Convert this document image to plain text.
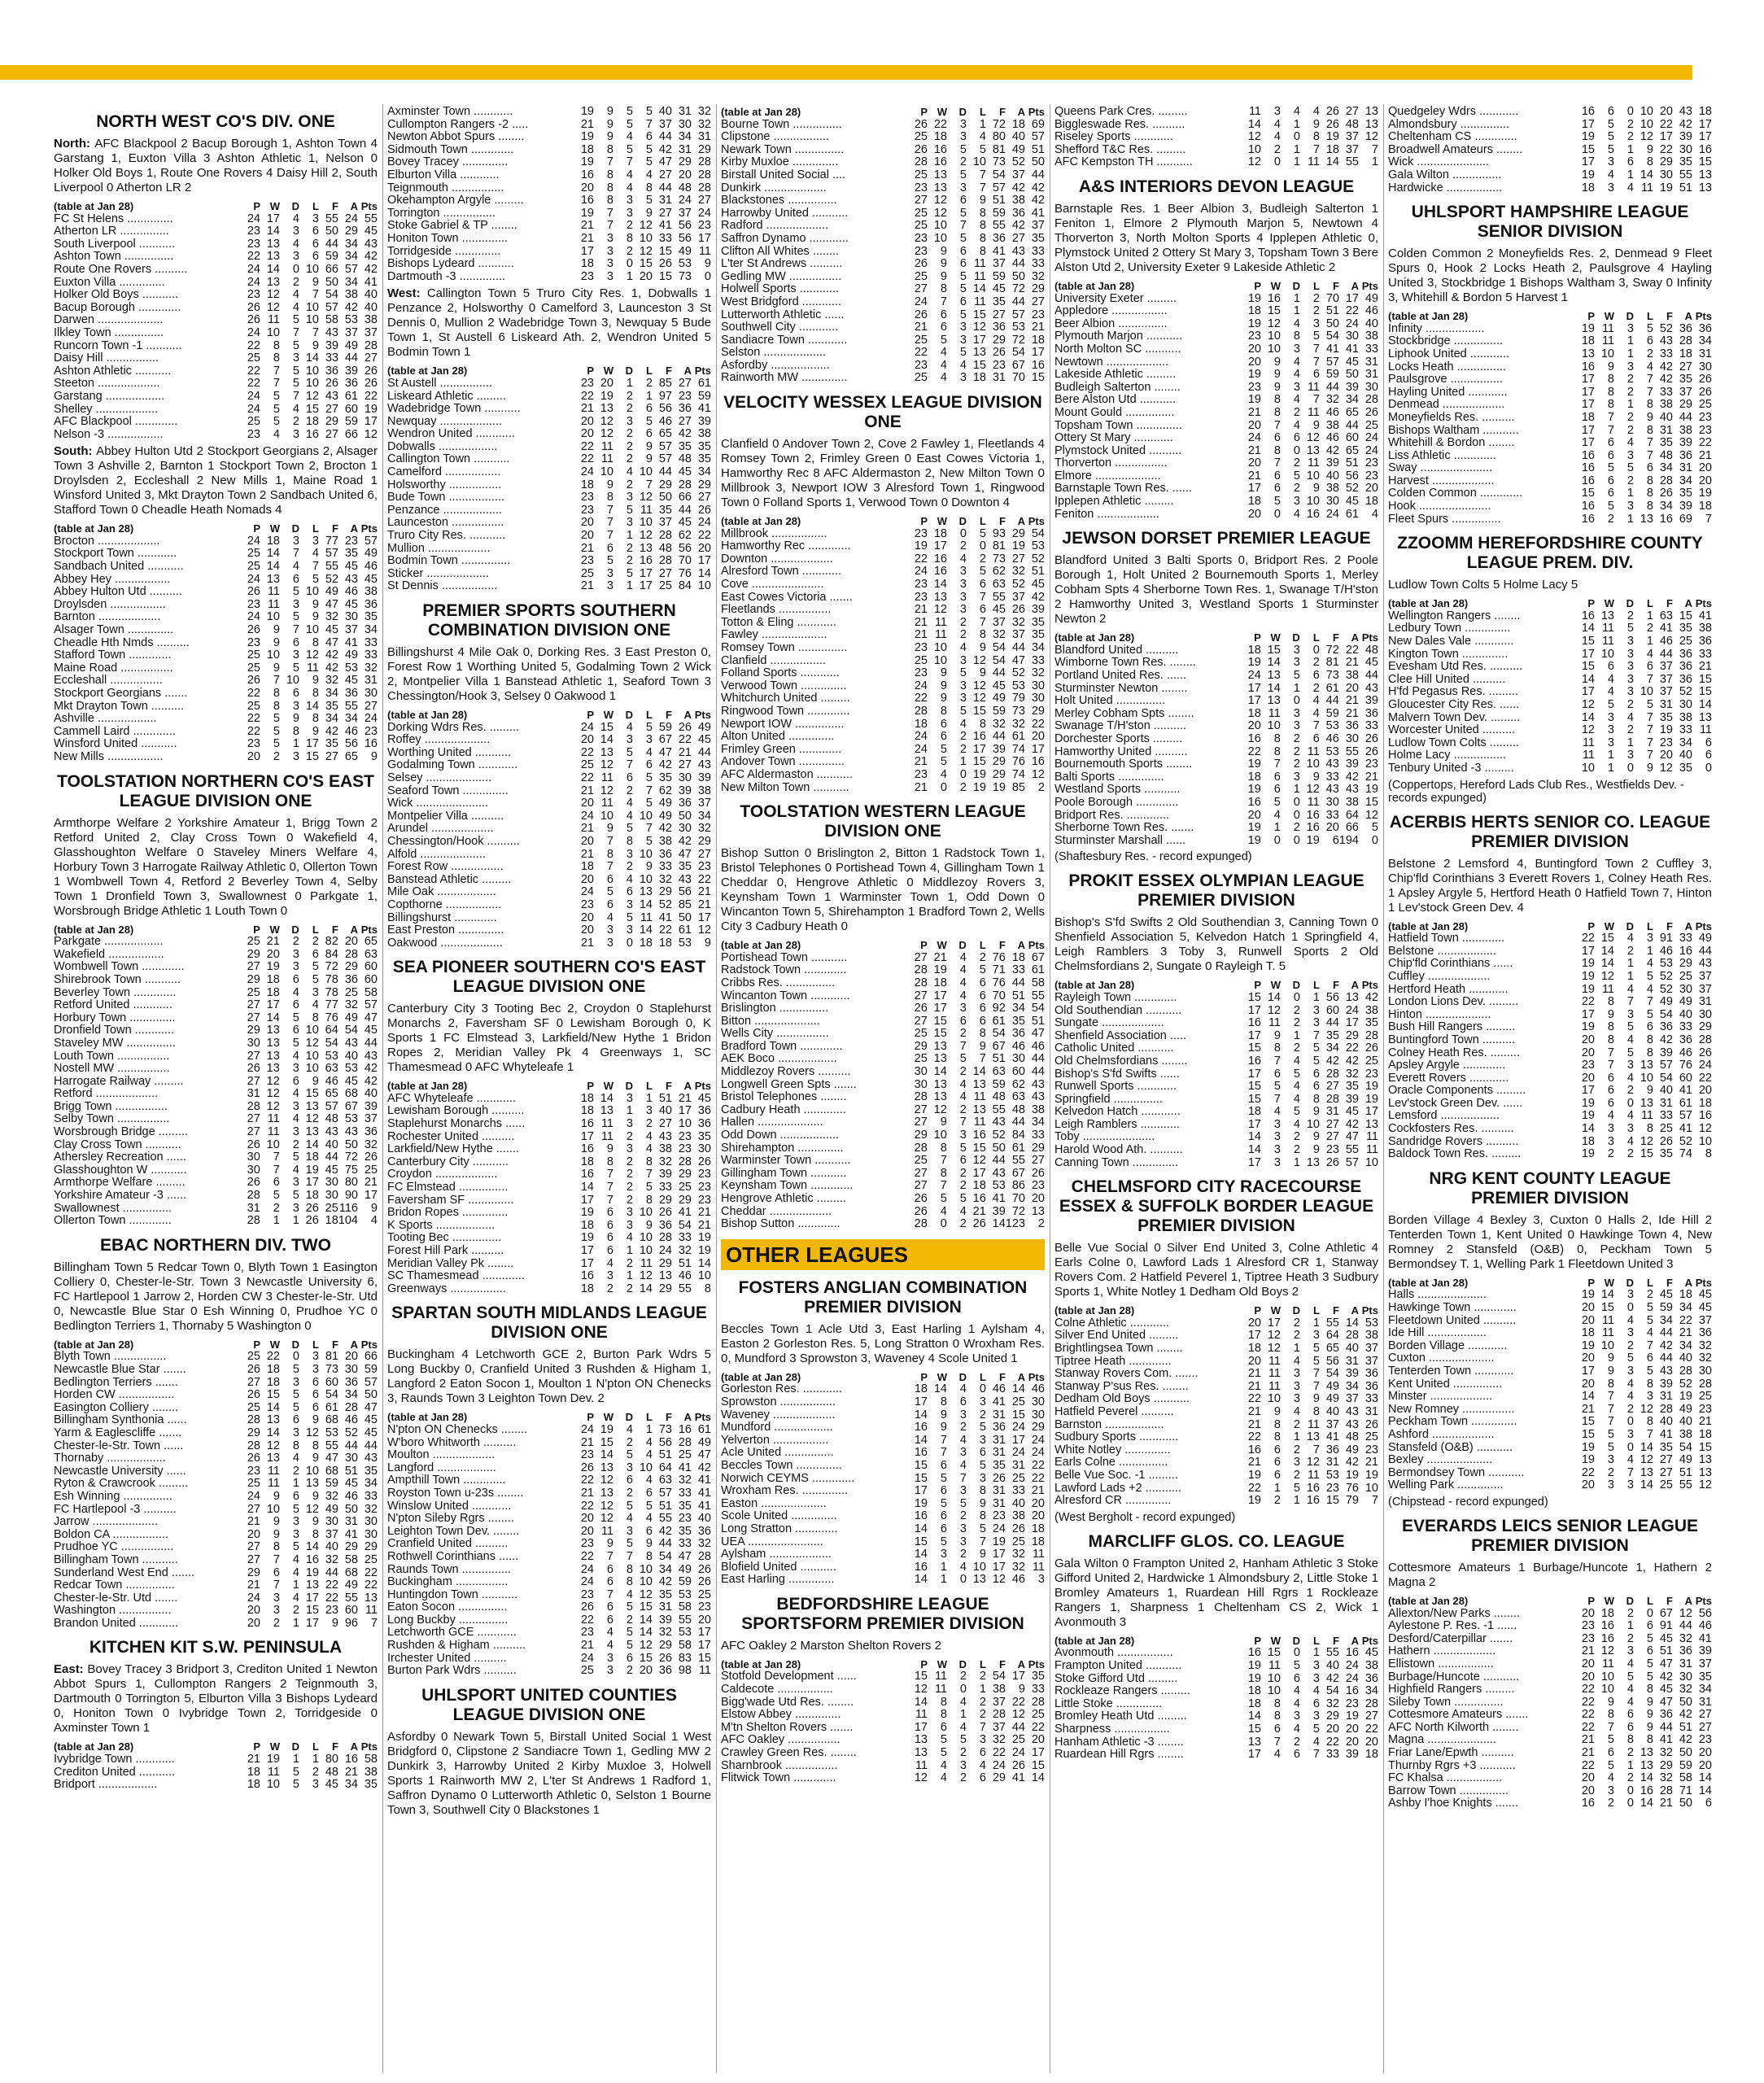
NORTH WEST CO'S DIV. ONE

North: AFC Blackpool 2 Bacup Borough 1, Ashton Town 4 Garstang 1, Euxton Villa 3 Ashton Athletic 1, Nelson 0 Holker Old Boys 1, Route One Rovers 4 Daisy Hill 2, South Liverpool 0 Atherton LR 2

(table at Jan 28)	P	W	D	L	F	A	Pts
FC St Helens ..............	24	17	4	3	55	24	55
Atherton LR ...............	23	14	3	6	50	29	45
South Liverpool ...........	23	13	4	6	44	34	43
Ashton Town ...............	22	13	3	6	59	34	42
Route One Rovers ..........	24	14	0	10	66	57	42
Euxton Villa ..............	24	13	2	9	50	34	41
Holker Old Boys ...........	23	12	4	7	54	38	40
Bacup Borough .............	26	12	4	10	57	42	40
Darwen ....................	26	11	5	10	58	53	38
Ilkley Town ...............	24	10	7	7	43	37	37
Runcorn Town -1 ...........	22	8	5	9	39	49	28
Daisy Hill ................	25	8	3	14	33	44	27
Ashton Athletic ...........	22	7	5	10	36	39	26
Steeton ...................	22	7	5	10	26	36	26
Garstang ..................	24	5	7	12	43	61	22
Shelley ...................	24	5	4	15	27	60	19
AFC Blackpool .............	25	5	2	18	29	59	17
Nelson -3 .................	23	4	3	16	27	66	12

South: Abbey Hulton Utd 2 Stockport Georgians 2, Alsager Town 3 Ashville 2, Barnton 1 Stockport Town 2, Brocton 1 Droylsden 2, Eccleshall 2 New Mills 1, Maine Road 1 Winsford United 3, Mkt Drayton Town 2 Sandbach United 6, Stafford Town 0 Cheadle Heath Nomads 4

(table at Jan 28)	P	W	D	L	F	A	Pts
Brocton ...................	24	18	3	3	77	23	57
Stockport Town ............	25	14	7	4	57	35	49
Sandbach United ...........	25	14	4	7	55	45	46
Abbey Hey .................	24	13	6	5	52	43	45
Abbey Hulton Utd ..........	26	11	5	10	49	46	38
Droylsden .................	23	11	3	9	47	45	36
Barnton ...................	24	10	5	9	32	30	35
Alsager Town ..............	26	9	7	10	45	37	34
Cheadle Hth Nmds ..........	23	9	6	8	47	41	33
Stafford Town .............	25	10	3	12	42	49	33
Maine Road ................	25	9	5	11	42	53	32
Eccleshall ................	26	7	10	9	32	45	31
Stockport Georgians .......	22	8	6	8	34	36	30
Mkt Drayton Town ..........	25	8	3	14	35	55	27
Ashville ..................	22	5	9	8	34	34	24
Cammell Laird .............	22	5	8	9	42	46	23
Winsford United ...........	23	5	1	17	35	56	16
New Mills .................	20	2	3	15	27	65	9
TOOLSTATION NORTHERN CO'S EAST LEAGUE DIVISION ONE

Armthorpe Welfare 2 Yorkshire Amateur 1, Brigg Town 2 Retford United 2, Clay Cross Town 0 Wakefield 4, Glasshoughton Welfare 0 Staveley Miners Welfare 4, Horbury Town 3 Harrogate Railway Athletic 0, Ollerton Town 1 Wombwell Town 4, Retford 2 Beverley Town 4, Selby Town 1 Dronfield Town 3, Swallownest 0 Parkgate 1, Worsbrough Bridge Athletic 1 Louth Town 0

(table at Jan 28)	P	W	D	L	F	A	Pts
Parkgate ..................	25	21	2	2	82	20	65
Wakefield .................	29	20	3	6	84	28	63
Wombwell Town .............	27	19	3	5	72	29	60
Shirebrook Town ...........	29	18	6	5	78	36	60
Beverley Town .............	25	18	4	3	78	25	58
Retford United ............	27	17	6	4	77	32	57
Horbury Town ..............	27	14	5	8	76	49	47
Dronfield Town ............	29	13	6	10	64	54	45
Staveley MW ...............	30	13	5	12	54	43	44
Louth Town ................	27	13	4	10	53	40	43
Nostell MW ................	26	13	3	10	63	53	42
Harrogate Railway .........	27	12	6	9	46	45	42
Retford ...................	31	12	4	15	65	68	40
Brigg Town ................	28	12	3	13	57	67	39
Selby Town ................	27	11	4	12	48	53	37
Worsbrough Bridge .........	27	11	3	13	43	43	36
Clay Cross Town ...........	26	10	2	14	40	50	32
Athersley Recreation ......	30	7	5	18	44	72	26
Glasshoughton W ...........	30	7	4	19	45	75	25
Armthorpe Welfare .........	26	6	3	17	30	80	21
Yorkshire Amateur -3 ......	28	5	5	18	30	90	17
Swallownest ...............	31	2	3	26	25	116	9
Ollerton Town .............	28	1	1	26	18	104	4
EBAC NORTHERN DIV. TWO

Billingham Town 5 Redcar Town 0, Blyth Town 1 Easington Colliery 0, Chester-le-Str. Town 3 Newcastle University 6, FC Hartlepool 1 Jarrow 2, Horden CW 3 Chester-le-Str. Utd 0, Newcastle Blue Star 0 Esh Winning 0, Prudhoe YC 0 Bedlington Terriers 1, Thornaby 5 Washington 0

(table at Jan 28)	P	W	D	L	F	A	Pts
Blyth Town ................	25	22	0	3	81	20	66
Newcastle Blue Star .......	26	18	5	3	73	30	59
Bedlington Terriers .......	27	18	3	6	60	36	57
Horden CW .................	26	15	5	6	54	34	50
Easington Colliery ........	25	14	5	6	61	28	47
Billingham Synthonia ......	28	13	6	9	68	46	45
Yarm & Eaglescliffe .......	29	14	3	12	53	52	45
Chester-le-Str. Town ......	28	12	8	8	55	44	44
Thornaby ..................	26	13	4	9	47	30	43
Newcastle University ......	23	11	2	10	68	51	35
Ryton & Crawcrook .........	25	11	1	13	59	45	34
Esh Winning ...............	24	9	6	9	32	46	33
FC Hartlepool -3 ..........	27	10	5	12	49	50	32
Jarrow ....................	21	9	3	9	30	31	30
Boldon CA .................	20	9	3	8	37	41	30
Prudhoe YC ................	27	8	5	14	40	29	29
Billingham Town ...........	27	7	4	16	32	58	25
Sunderland West End .......	29	6	4	19	44	68	22
Redcar Town ...............	21	7	1	13	22	49	22
Chester-le-Str. Utd .......	24	3	4	17	22	55	13
Washington ................	20	3	2	15	23	60	11
Brandon United ............	20	2	1	17	9	96	7
KITCHEN KIT S.W. PENINSULA

East: Bovey Tracey 3 Bridport 3, Crediton United 1 Newton Abbot Spurs 1, Cullompton Rangers 2 Teignmouth 3, Dartmouth 0 Torrington 5, Elburton Villa 3 Bishops Lydeard 0, Honiton Town 0 Ivybridge Town 2, Torridgeside 0 Axminster Town 1

(table at Jan 28)	P	W	D	L	F	A	Pts
Ivybridge Town ............	21	19	1	1	80	16	58
Crediton United ...........	18	11	5	2	48	21	38
Bridport ..................	18	10	5	3	45	34	35
Axminster Town ............	19	9	5	5	40	31	32
Cullompton Rangers -2 .....	21	9	5	7	37	30	32
Newton Abbot Spurs ........	19	9	4	6	44	34	31
Sidmouth Town .............	18	8	5	5	42	31	29
Bovey Tracey ..............	19	7	7	5	47	29	28
Elburton Villa ............	16	8	4	4	27	20	28
Teignmouth ................	20	8	4	8	44	48	28
Okehampton Argyle .........	16	8	3	5	31	24	27
Torrington ................	19	7	3	9	27	37	24
Stoke Gabriel & TP ........	21	7	2	12	41	56	23
Honiton Town ..............	21	3	8	10	33	56	17
Torridgeside ..............	17	3	2	12	15	49	11
Bishops Lydeard ...........	18	3	0	15	26	53	9
Dartmouth -3 ..............	23	3	1	20	15	73	0

West: Callington Town 5 Truro City Res. 1, Dobwalls 1 Penzance 2, Holsworthy 0 Camelford 3, Launceston 3 St Dennis 0, Mullion 2 Wadebridge Town 3, Newquay 5 Bude Town 1, St Austell 6 Liskeard Ath. 2, Wendron United 5 Bodmin Town 1

(table at Jan 28)	P	W	D	L	F	A	Pts
St Austell ................	23	20	1	2	85	27	61
Liskeard Athletic .........	22	19	2	1	97	23	59
Wadebridge Town ...........	21	13	2	6	56	36	41
Newquay ...................	20	12	3	5	46	27	39
Wendron United ............	20	12	2	6	65	42	38
Dobwalls ..................	22	11	2	9	57	35	35
Callington Town ...........	22	11	2	9	57	48	35
Camelford .................	24	10	4	10	44	45	34
Holsworthy ................	18	9	2	7	29	28	29
Bude Town .................	23	8	3	12	50	66	27
Penzance ..................	23	7	5	11	35	44	26
Launceston ................	20	7	3	10	37	45	24
Truro City Res. ...........	20	7	1	12	28	62	22
Mullion ...................	21	6	2	13	48	56	20
Bodmin Town ...............	23	5	2	16	28	70	17
Sticker ...................	25	3	5	17	27	76	14
St Dennis .................	21	3	1	17	25	84	10
PREMIER SPORTS SOUTHERN COMBINATION DIVISION ONE

Billingshurst 4 Mile Oak 0, Dorking Res. 3 East Preston 0, Forest Row 1 Worthing United 5, Godalming Town 2 Wick 2, Montpelier Villa 1 Banstead Athletic 1, Seaford Town 3 Chessington/Hook 3, Selsey 0 Oakwood 1

(table at Jan 28)	P	W	D	L	F	A	Pts
Dorking Wdrs Res. .........	24	15	4	5	59	26	49
Roffey ....................	20	14	3	3	67	22	45
Worthing United ...........	22	13	5	4	47	21	44
Godalming Town ............	25	12	7	6	42	27	43
Selsey ....................	22	11	6	5	35	30	39
Seaford Town ..............	21	12	2	7	62	39	38
Wick ......................	20	11	4	5	49	36	37
Montpelier Villa ..........	24	10	4	10	49	50	34
Arundel ...................	21	9	5	7	42	30	32
Chessington/Hook ..........	20	7	8	5	38	42	29
Alfold ....................	21	8	3	10	36	47	27
Forest Row ................	18	7	2	9	33	35	23
Banstead Athletic .........	20	6	4	10	32	43	22
Mile Oak ..................	24	5	6	13	29	56	21
Copthorne .................	23	6	3	14	52	85	21
Billingshurst .............	20	4	5	11	41	50	17
East Preston ..............	20	3	3	14	22	61	12
Oakwood ...................	21	3	0	18	18	53	9
SEA PIONEER SOUTHERN CO'S EAST LEAGUE DIVISION ONE

Canterbury City 3 Tooting Bec 2, Croydon 0 Staplehurst Monarchs 2, Faversham SF 0 Lewisham Borough 0, K Sports 1 FC Elmstead 3, Larkfield/New Hythe 1 Bridon Ropes 2, Meridian Valley Pk 4 Greenways 1, SC Thamesmead 0 AFC Whyteleafe 1

(table at Jan 28)	P	W	D	L	F	A	Pts
AFC Whyteleafe ............	18	14	3	1	51	21	45
Lewisham Borough ..........	18	13	1	3	40	17	36
Staplehurst Monarchs ......	16	11	3	2	27	10	36
Rochester United ..........	17	11	2	4	43	23	35
Larkfield/New Hythe .......	16	9	3	4	38	23	30
Canterbury City ...........	18	8	2	8	32	28	26
Croydon ...................	16	7	2	7	39	29	23
FC Elmstead ...............	14	7	2	5	33	25	23
Faversham SF ..............	17	7	2	8	29	29	23
Bridon Ropes ..............	19	6	3	10	26	41	21
K Sports ..................	18	6	3	9	36	54	21
Tooting Bec ...............	19	6	4	10	28	33	19
Forest Hill Park ..........	17	6	1	10	24	32	19
Meridian Valley Pk ........	17	4	2	11	29	51	14
SC Thamesmead .............	16	3	1	12	13	46	10
Greenways .................	18	2	2	14	29	55	8
SPARTAN SOUTH MIDLANDS LEAGUE DIVISION ONE

Buckingham 4 Letchworth GCE 2, Burton Park Wdrs 5 Long Buckby 0, Cranfield United 3 Rushden & Higham 1, Langford 2 Eaton Socon 1, Moulton 1 N'pton ON Chenecks 3, Raunds Town 3 Leighton Town Dev. 2

(table at Jan 28)	P	W	D	L	F	A	Pts
N'pton ON Chenecks ........	24	19	4	1	73	16	61
W'boro Whitworth ..........	21	15	2	4	56	28	49
Moulton ...................	23	14	5	4	51	25	47
Langford ..................	26	13	3	10	64	41	42
Ampthill Town .............	22	12	6	4	63	32	41
Royston Town u-23s ........	21	13	2	6	57	33	41
Winslow United ............	22	12	5	5	51	35	41
N'pton Sileby Rgrs ........	20	12	4	4	55	23	40
Leighton Town Dev. ........	20	11	3	6	42	35	36
Cranfield United ..........	23	9	5	9	44	33	32
Rothwell Corinthians ......	22	7	7	8	54	47	28
Raunds Town ...............	24	6	8	10	34	49	26
Buckingham ................	24	6	8	10	42	59	26
Huntingdon Town ...........	23	7	4	12	35	53	25
Eaton Socon ...............	26	6	5	15	31	58	23
Long Buckby ...............	22	6	2	14	39	55	20
Letchworth GCE ............	23	4	5	14	32	53	17
Rushden & Higham ..........	21	4	5	12	29	58	17
Irchester United ..........	24	3	6	15	26	83	15
Burton Park Wdrs ..........	25	3	2	20	36	98	11
UHLSPORT UNITED COUNTIES LEAGUE DIVISION ONE

Asfordby 0 Newark Town 5, Birstall United Social 1 West Bridgford 0, Clipstone 2 Sandiacre Town 1, Gedling MW 2 Dunkirk 3, Harrowby United 2 Kirby Muxloe 3, Holwell Sports 1 Rainworth MW 2, L'ter St Andrews 1 Radford 1, Saffron Dynamo 0 Lutterworth Athletic 0, Selston 1 Bourne Town 3, Southwell City 0 Blackstones 1

(table at Jan 28)	P	W	D	L	F	A	Pts
Bourne Town ...............	26	22	3	1	72	18	69
Clipstone .................	25	18	3	4	80	40	57
Newark Town ...............	26	16	5	5	81	49	51
Kirby Muxloe ..............	28	16	2	10	73	52	50
Birstall United Social ....	25	13	5	7	54	37	44
Dunkirk ...................	23	13	3	7	57	42	42
Blackstones ...............	27	12	6	9	51	38	42
Harrowby United ...........	25	12	5	8	59	36	41
Radford ...................	25	10	7	8	55	42	37
Saffron Dynamo ............	23	10	5	8	36	27	35
Clifton All Whites ........	23	9	6	8	41	43	33
L'ter St Andrews ..........	26	9	6	11	37	44	33
Gedling MW ................	25	9	5	11	59	50	32
Holwell Sports ............	27	8	5	14	45	72	29
West Bridgford ............	24	7	6	11	35	44	27
Lutterworth Athletic ......	26	6	5	15	27	57	23
Southwell City ............	21	6	3	12	36	53	21
Sandiacre Town ............	25	5	3	17	29	72	18
Selston ...................	22	4	5	13	26	54	17
Asfordby ..................	23	4	4	15	23	67	16
Rainworth MW ..............	25	4	3	18	31	70	15
VELOCITY WESSEX LEAGUE DIVISION ONE

Clanfield 0 Andover Town 2, Cove 2 Fawley 1, Fleetlands 4 Romsey Town 2, Frimley Green 0 East Cowes Victoria 1, Hamworthy Rec 8 AFC Aldermaston 2, New Milton Town 0 Millbrook 3, Newport IOW 3 Alresford Town 1, Ringwood Town 0 Folland Sports 1, Verwood Town 0 Downton 4

(table at Jan 28)	P	W	D	L	F	A	Pts
Millbrook .................	23	18	0	5	93	29	54
Hamworthy Rec .............	19	17	2	0	81	19	53
Downton ...................	22	16	4	2	73	27	52
Alresford Town ............	24	16	3	5	62	32	51
Cove ......................	23	14	3	6	63	52	45
East Cowes Victoria .......	23	13	3	7	55	37	42
Fleetlands ................	21	12	3	6	45	26	39
Totton & Eling ............	21	11	2	7	37	32	35
Fawley ....................	21	11	2	8	32	37	35
Romsey Town ...............	23	10	4	9	54	44	34
Clanfield .................	25	10	3	12	54	47	33
Folland Sports ............	23	9	5	9	44	52	32
Verwood Town ..............	24	9	3	12	45	53	30
Whitchurch United .........	22	9	3	12	49	79	30
Ringwood Town .............	28	8	5	15	59	73	29
Newport IOW ...............	18	6	4	8	32	32	22
Alton United ..............	24	6	2	16	44	61	20
Frimley Green .............	24	5	2	17	39	74	17
Andover Town ..............	21	5	1	15	29	76	16
AFC Aldermaston ...........	23	4	0	19	29	74	12
New Milton Town ...........	21	0	2	19	19	85	2
TOOLSTATION WESTERN LEAGUE DIVISION ONE

Bishop Sutton 0 Brislington 2, Bitton 1 Radstock Town 1, Bristol Telephones 0 Portishead Town 4, Gillingham Town 1 Cheddar 0, Hengrove Athletic 0 Middlezoy Rovers 3, Keynsham Town 1 Warminster Town 1, Odd Down 0 Wincanton Town 5, Shirehampton 1 Bradford Town 2, Wells City 3 Cadbury Heath 0

(table at Jan 28)	P	W	D	L	F	A	Pts
Portishead Town ...........	27	21	4	2	76	18	67
Radstock Town .............	28	19	4	5	71	33	61
Cribbs Res. ...............	28	18	4	6	76	44	58
Wincanton Town ............	27	17	4	6	70	51	55
Brislington ...............	26	17	3	6	92	34	54
Bitton ....................	27	15	6	6	61	35	51
Wells City ................	25	15	2	8	54	36	47
Bradford Town .............	29	13	7	9	67	46	46
AEK Boco ..................	25	13	5	7	51	30	44
Middlezoy Rovers ..........	30	14	2	14	63	60	44
Longwell Green Spts .......	30	13	4	13	59	62	43
Bristol Telephones ........	28	13	4	11	48	63	43
Cadbury Heath .............	27	12	2	13	55	48	38
Hallen ....................	27	9	7	11	43	44	34
Odd Down ..................	29	10	3	16	52	84	33
Shirehampton ..............	28	8	5	15	50	61	29
Warminster Town ...........	25	7	6	12	44	55	27
Gillingham Town ...........	27	8	2	17	43	67	26
Keynsham Town .............	27	7	2	18	53	86	23
Hengrove Athletic .........	26	5	5	16	41	70	20
Cheddar ...................	26	4	4	21	39	72	13
Bishop Sutton .............	28	0	2	26	14	123	2
OTHER LEAGUES
FOSTERS ANGLIAN COMBINATION PREMIER DIVISION

Beccles Town 1 Acle Utd 3, East Harling 1 Aylsham 4, Easton 2 Gorleston Res. 5, Long Stratton 0 Wroxham Res. 0, Mundford 3 Sprowston 3, Waveney 4 Scole United 1

(table at Jan 28)	P	W	D	L	F	A	Pts
Gorleston Res. ............	18	14	4	0	46	14	46
Sprowston .................	17	8	6	3	41	25	30
Waveney ...................	14	9	3	2	31	15	30
Mundford ..................	16	9	2	5	36	24	29
Yelverton .................	14	7	4	3	31	17	24
Acle United ...............	16	7	3	6	31	24	24
Beccles Town ..............	15	6	4	5	35	31	22
Norwich CEYMS .............	15	5	7	3	26	25	22
Wroxham Res. ..............	17	6	3	8	31	33	21
Easton ....................	19	5	5	9	31	40	20
Scole United ..............	16	6	2	8	23	38	20
Long Stratton .............	14	6	3	5	24	26	18
UEA .......................	15	5	3	7	19	25	18
Aylsham ...................	14	3	2	9	17	32	11
Blofield United ...........	16	1	4	10	17	32	11
East Harling ..............	14	1	0	13	12	46	3
BEDFORDSHIRE LEAGUE SPORTSFORM PREMIER DIVISION

AFC Oakley 2 Marston Shelton Rovers 2

(table at Jan 28)	P	W	D	L	F	A	Pts
Stotfold Development ......	15	11	2	2	54	17	35
Caldecote .................	12	11	0	1	38	9	33
Bigg'wade Utd Res. ........	14	8	4	2	37	22	28
Elstow Abbey ..............	11	8	1	2	28	12	25
M'tn Shelton Rovers .......	17	6	4	7	37	44	22
AFC Oakley ................	13	5	5	3	32	25	20
Crawley Green Res. ........	13	5	2	6	22	24	17
Sharnbrook ................	11	4	3	4	24	26	15
Flitwick Town .............	12	4	2	6	29	41	14
Queens Park Cres. .........	11	3	4	4	26	27	13
Biggleswade Res. ..........	14	4	1	9	26	48	13
Riseley Sports ............	12	4	0	8	19	37	12
Shefford T&C Res. .........	10	2	1	7	18	37	7
AFC Kempston TH ...........	12	0	1	11	14	55	1
A&S INTERIORS DEVON LEAGUE

Barnstaple Res. 1 Beer Albion 3, Budleigh Salterton 1 Feniton 1, Elmore 2 Plymouth Marjon 5, Newtown 4 Thorverton 3, North Molton Sports 4 Ipplepen Athletic 0, Plymstock United 2 Ottery St Mary 3, Topsham Town 3 Bere Alston Utd 2, University Exeter 9 Lakeside Athletic 2

(table at Jan 28)	P	W	D	L	F	A	Pts
University Exeter .........	19	16	1	2	70	17	49
Appledore .................	18	15	1	2	51	22	46
Beer Albion ...............	19	12	4	3	50	24	40
Plymouth Marjon ...........	23	10	8	5	54	30	38
North Molton SC ...........	20	10	3	7	41	41	33
Newtown ...................	20	9	4	7	57	45	31
Lakeside Athletic .........	19	9	4	6	59	50	31
Budleigh Salterton ........	23	9	3	11	44	39	30
Bere Alston Utd ...........	19	8	4	7	32	34	28
Mount Gould ...............	21	8	2	11	46	65	26
Topsham Town ..............	20	7	4	9	38	44	25
Ottery St Mary ............	24	6	6	12	46	60	24
Plymstock United ..........	21	8	0	13	42	65	24
Thorverton ................	20	7	2	11	39	51	23
Elmore ....................	21	6	5	10	40	56	23
Barnstaple Town Res. ......	17	6	2	9	38	52	20
Ipplepen Athletic .........	18	5	3	10	30	45	18
Feniton ...................	20	0	4	16	24	61	4
JEWSON DORSET PREMIER LEAGUE

Blandford United 3 Balti Sports 0, Bridport Res. 2 Poole Borough 1, Holt United 2 Bournemouth Sports 1, Merley Cobham Spts 4 Sherborne Town Res. 1, Swanage T/H'ston 2 Hamworthy United 3, Westland Sports 1 Sturminster Newton 2

(table at Jan 28)	P	W	D	L	F	A	Pts
Blandford United ..........	18	15	3	0	72	22	48
Wimborne Town Res. ........	19	14	3	2	81	21	45
Portland United Res. ......	24	13	5	6	73	38	44
Sturminster Newton ........	17	14	1	2	61	20	43
Holt United ...............	17	13	0	4	44	21	39
Merley Cobham Spts ........	18	11	3	4	59	21	36
Swanage T/H'ston ..........	20	10	3	7	53	36	33
Dorchester Sports .........	16	8	2	6	46	30	26
Hamworthy United ..........	22	8	2	11	53	55	26
Bournemouth Sports ........	19	7	2	10	43	39	23
Balti Sports ..............	18	6	3	9	33	42	21
Westland Sports ...........	19	6	1	12	43	43	19
Poole Borough .............	16	5	0	11	30	38	15
Bridport Res. .............	20	4	0	16	33	64	12
Sherborne Town Res. .......	19	1	2	16	20	66	5
Sturminster Marshall ......	19	0	0	19	6	194	0

(Shaftesbury Res. - record expunged)

PROKIT ESSEX OLYMPIAN LEAGUE PREMIER DIVISION

Bishop's S'fd Swifts 2 Old Southendian 3, Canning Town 0 Shenfield Association 5, Kelvedon Hatch 1 Springfield 4, Leigh Ramblers 3 Toby 3, Runwell Sports 2 Old Chelmsfordians 2, Sungate 0 Rayleigh T. 5

(table at Jan 28)	P	W	D	L	F	A	Pts
Rayleigh Town .............	15	14	0	1	56	13	42
Old Southendian ...........	17	12	2	3	60	24	38
Sungate ...................	16	11	2	3	44	17	35
Shenfield Association .....	17	9	1	7	35	29	28
Catholic United ...........	15	8	2	5	34	22	26
Old Chelmsfordians ........	16	7	4	5	42	42	25
Bishop's S'fd Swifts ......	17	6	5	6	28	32	23
Runwell Sports ............	15	5	4	6	27	35	19
Springfield ...............	15	7	4	8	28	39	19
Kelvedon Hatch ............	18	4	5	9	31	45	17
Leigh Ramblers ............	17	3	4	10	27	42	13
Toby ......................	14	3	2	9	27	47	11
Harold Wood Ath. ..........	14	3	2	9	23	55	11
Canning Town ..............	17	3	1	13	26	57	10
CHELMSFORD CITY RACECOURSE ESSEX & SUFFOLK BORDER LEAGUE PREMIER DIVISION

Belle Vue Social 0 Silver End United 3, Colne Athletic 4 Earls Colne 0, Lawford Lads 1 Alresford CR 1, Stanway Rovers Com. 2 Hatfield Peverel 1, Tiptree Heath 3 Sudbury Sports 1, White Notley 1 Dedham Old Boys 2

(table at Jan 28)	P	W	D	L	F	A	Pts
Colne Athletic ............	20	17	2	1	55	14	53
Silver End United .........	17	12	2	3	64	28	38
Brightlingsea Town ........	18	12	1	5	65	40	37
Tiptree Heath .............	20	11	4	5	56	31	37
Stanway Rovers Com. .......	21	11	3	7	54	39	36
Stanway P'sus Res. ........	21	11	3	7	49	34	36
Dedham Old Boys ...........	22	10	3	9	49	37	33
Hatfield Peverel ..........	21	9	4	8	40	43	31
Barnston ..................	21	8	2	11	37	43	26
Sudbury Sports ............	22	8	1	13	41	48	25
White Notley ..............	16	6	2	7	36	49	23
Earls Colne ...............	21	6	3	12	31	42	21
Belle Vue Soc. -1 .........	19	6	2	11	53	19	19
Lawford Lads +2 ...........	22	1	5	16	23	76	10
Alresford CR ..............	19	2	1	16	15	79	7

(West Bergholt - record expunged)

MARCLIFF GLOS. CO. LEAGUE

Gala Wilton 0 Frampton United 2, Hanham Athletic 3 Stoke Gifford United 2, Hardwicke 1 Almondsbury 2, Little Stoke 1 Bromley Amateurs 1, Ruardean Hill Rgrs 1 Rockleaze Rangers 1, Sharpness 1 Cheltenham CS 2, Wick 1 Avonmouth 3

(table at Jan 28)	P	W	D	L	F	A	Pts
Avonmouth .................	16	15	0	1	55	16	45
Frampton United ...........	19	11	5	3	40	24	38
Stoke Gifford Utd .........	19	10	6	3	42	24	36
Rockleaze Rangers .........	18	10	4	4	54	16	34
Little Stoke ..............	18	8	4	6	32	23	28
Bromley Heath Utd .........	14	8	3	3	29	19	27
Sharpness .................	15	6	4	5	20	20	22
Hanham Athletic -3 ........	13	7	2	4	22	20	20
Ruardean Hill Rgrs ........	17	4	6	7	33	39	18
Quedgeley Wdrs ............	16	6	0	10	20	43	18
Almondsbury ...............	17	5	2	10	22	42	17
Cheltenham CS .............	19	5	2	12	17	39	17
Broadwell Amateurs ........	15	5	1	9	22	30	16
Wick ......................	17	3	6	8	29	35	15
Gala Wilton ...............	19	4	1	14	30	55	13
Hardwicke .................	18	3	4	11	19	51	13
UHLSPORT HAMPSHIRE LEAGUE SENIOR DIVISION

Colden Common 2 Moneyfields Res. 2, Denmead 9 Fleet Spurs 0, Hook 2 Locks Heath 2, Paulsgrove 4 Hayling United 3, Stockbridge 1 Bishops Waltham 3, Sway 0 Infinity 3, Whitehill & Bordon 5 Harvest 1

(table at Jan 28)	P	W	D	L	F	A	Pts
Infinity ..................	19	11	3	5	52	36	36
Stockbridge ...............	18	11	1	6	43	28	34
Liphook United ............	13	10	1	2	33	18	31
Locks Heath ...............	16	9	3	4	42	27	30
Paulsgrove ................	17	8	2	7	42	35	26
Hayling United ............	17	8	2	7	33	37	26
Denmead ...................	17	8	1	8	38	29	25
Moneyfields Res. ..........	18	7	2	9	40	44	23
Bishops Waltham ...........	17	7	2	8	31	38	23
Whitehill & Bordon ........	17	6	4	7	35	39	22
Liss Athletic .............	16	6	3	7	48	36	21
Sway ......................	16	5	5	6	34	31	20
Harvest ...................	16	6	2	8	28	34	20
Colden Common .............	15	6	1	8	26	35	19
Hook ......................	16	5	3	8	34	39	18
Fleet Spurs ...............	16	2	1	13	16	69	7
ZZOOMM HEREFORDSHIRE COUNTY LEAGUE PREM. DIV.

Ludlow Town Colts 5 Holme Lacy 5

(table at Jan 28)	P	W	D	L	F	A	Pts
Wellington Rangers ........	16	13	2	1	63	15	41
Ledbury Town ..............	14	11	5	2	41	35	38
New Dales Vale ............	15	11	3	1	46	25	36
Kington Town ..............	17	10	3	4	44	36	33
Evesham Utd Res. ..........	15	6	3	6	37	36	21
Clee Hill United ..........	14	4	3	7	37	36	15
H'fd Pegasus Res. .........	17	4	3	10	37	52	15
Gloucester City Res. ......	12	5	2	5	31	30	14
Malvern Town Dev. .........	14	3	4	7	35	38	13
Worcester United ..........	12	3	2	7	19	33	11
Ludlow Town Colts .........	11	3	1	7	23	34	6
Holme Lacy ................	11	1	3	7	20	40	6
Tenbury United -3 .........	10	1	0	9	12	35	0

(Coppertops, Hereford Lads Club Res., Westfields Dev. - records expunged)

ACERBIS HERTS SENIOR CO. LEAGUE PREMIER DIVISION

Belstone 2 Lemsford 4, Buntingford Town 2 Cuffley 3, Chip'fld Corinthians 3 Everett Rovers 1, Colney Heath Res. 1 Apsley Argyle 5, Hertford Heath 0 Hatfield Town 7, Hinton 1 Lev'stock Green Dev. 4

(table at Jan 28)	P	W	D	L	F	A	Pts
Hatfield Town .............	22	15	4	3	91	33	49
Belstone ..................	17	14	2	1	46	16	44
Chip'fld Corinthians ......	19	14	1	4	53	29	43
Cuffley ...................	19	12	1	5	52	25	37
Hertford Heath ............	19	11	4	4	52	30	37
London Lions Dev. .........	22	8	7	7	49	49	31
Hinton ....................	17	9	3	5	54	40	30
Bush Hill Rangers .........	19	8	5	6	36	33	29
Buntingford Town ..........	20	8	4	8	42	36	28
Colney Heath Res. .........	20	7	5	8	39	46	26
Apsley Argyle .............	23	7	3	13	57	76	24
Everett Rovers ............	20	6	4	10	54	60	22
Oracle Components .........	17	6	2	9	40	41	20
Lev'stock Green Dev. ......	19	6	0	13	31	61	18
Lemsford ..................	19	4	4	11	33	57	16
Cockfosters Res. ..........	14	3	3	8	25	41	12
Sandridge Rovers ..........	18	3	4	12	26	52	10
Baldock Town Res. .........	19	2	2	15	35	74	8
NRG KENT COUNTY LEAGUE PREMIER DIVISION

Borden Village 4 Bexley 3, Cuxton 0 Halls 2, Ide Hill 2 Tenterden Town 1, Kent United 0 Hawkinge Town 4, New Romney 2 Stansfeld (O&B) 0, Peckham Town 5 Bermondsey T. 1, Welling Park 1 Fleetdown United 3

(table at Jan 28)	P	W	D	L	F	A	Pts
Halls .....................	19	14	3	2	45	18	45
Hawkinge Town .............	20	15	0	5	59	34	45
Fleetdown United ..........	20	11	4	5	34	22	37
Ide Hill ..................	18	11	3	4	44	21	36
Borden Village ............	19	10	2	7	42	34	32
Cuxton ....................	20	9	5	6	44	40	32
Tenterden Town ............	17	9	3	5	43	28	30
Kent United ...............	20	8	4	8	39	52	28
Minster ...................	14	7	4	3	31	19	25
New Romney ................	21	7	2	12	28	49	23
Peckham Town ..............	15	7	0	8	40	40	21
Ashford ...................	15	5	3	7	41	38	18
Stansfeld (O&B) ...........	19	5	0	14	35	54	15
Bexley ....................	19	3	4	12	27	49	13
Bermondsey Town ...........	22	2	7	13	27	51	13
Welling Park ..............	20	3	3	14	25	55	12

(Chipstead - record expunged)

EVERARDS LEICS SENIOR LEAGUE PREMIER DIVISION

Cottesmore Amateurs 1 Burbage/Huncote 1, Hathern 2 Magna 2

(table at Jan 28)	P	W	D	L	F	A	Pts
Allexton/New Parks ........	20	18	2	0	67	12	56
Aylestone P. Res. -1 ......	23	16	1	6	91	44	46
Desford/Caterpillar .......	23	16	2	5	45	32	41
Hathern ...................	21	12	3	6	51	36	39
Ellistown .................	20	11	4	5	47	31	37
Burbage/Huncote ...........	20	10	5	5	42	30	35
Highfield Rangers .........	22	10	4	8	45	32	34
Sileby Town ...............	22	9	4	9	47	50	31
Cottesmore Amateurs .......	22	8	6	9	36	42	27
AFC North Kilworth ........	22	7	6	9	44	51	27
Magna .....................	21	5	8	8	41	42	23
Friar Lane/Epwth ..........	21	6	2	13	32	50	20
Thurnby Rgrs +3 ...........	22	5	1	13	29	59	20
FC Khalsa .................	20	4	2	14	32	58	14
Barrow Town ...............	20	3	0	16	28	71	14
Ashby I'hoe Knights .......	16	2	0	14	21	50	6
